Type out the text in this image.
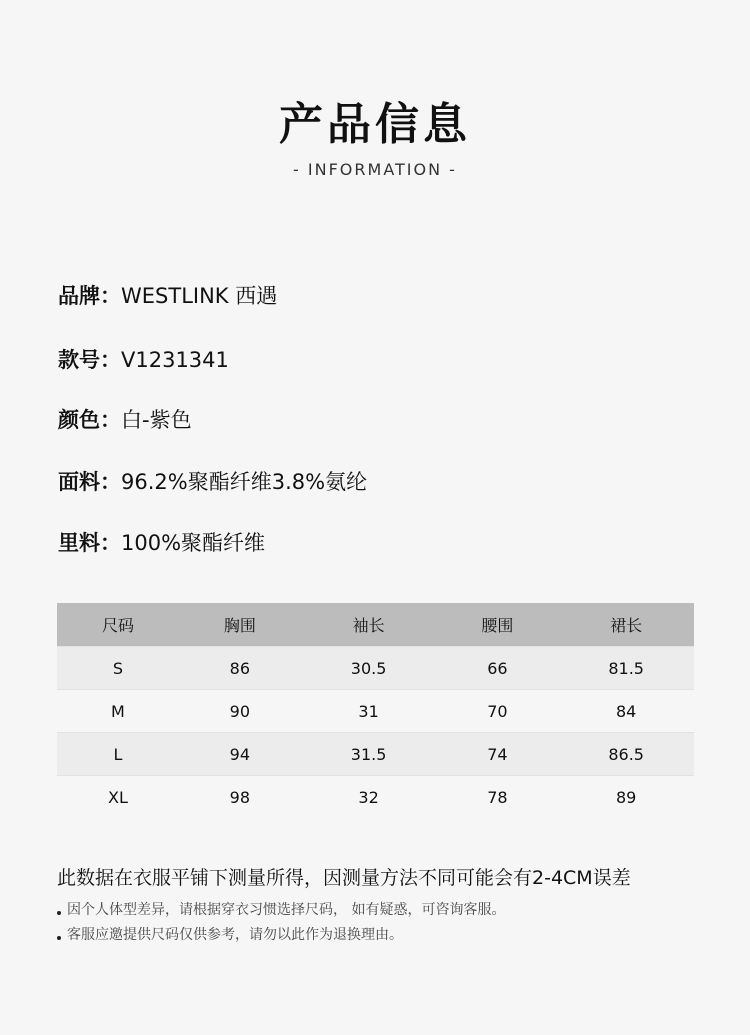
产品信息
- INFORMATION -
品牌：WESTLINK 西遇
款号：V1231341
颜色：白-紫色
面料：96.2%聚酯纤维3.8%氨纶
里料：100%聚酯纤维
尺码	胸围	袖长	腰围	裙长
S	86	30.5	66	81.5
M	90	31	70	84
L	94	31.5	74	86.5
XL	98	32	78	89
此数据在衣服平铺下测量所得，因测量方法不同可能会有2-4CM误差
因个人体型差异，请根据穿衣习惯选择尺码， 如有疑惑，可咨询客服。
客服应邀提供尺码仅供参考，请勿以此作为退换理由。
